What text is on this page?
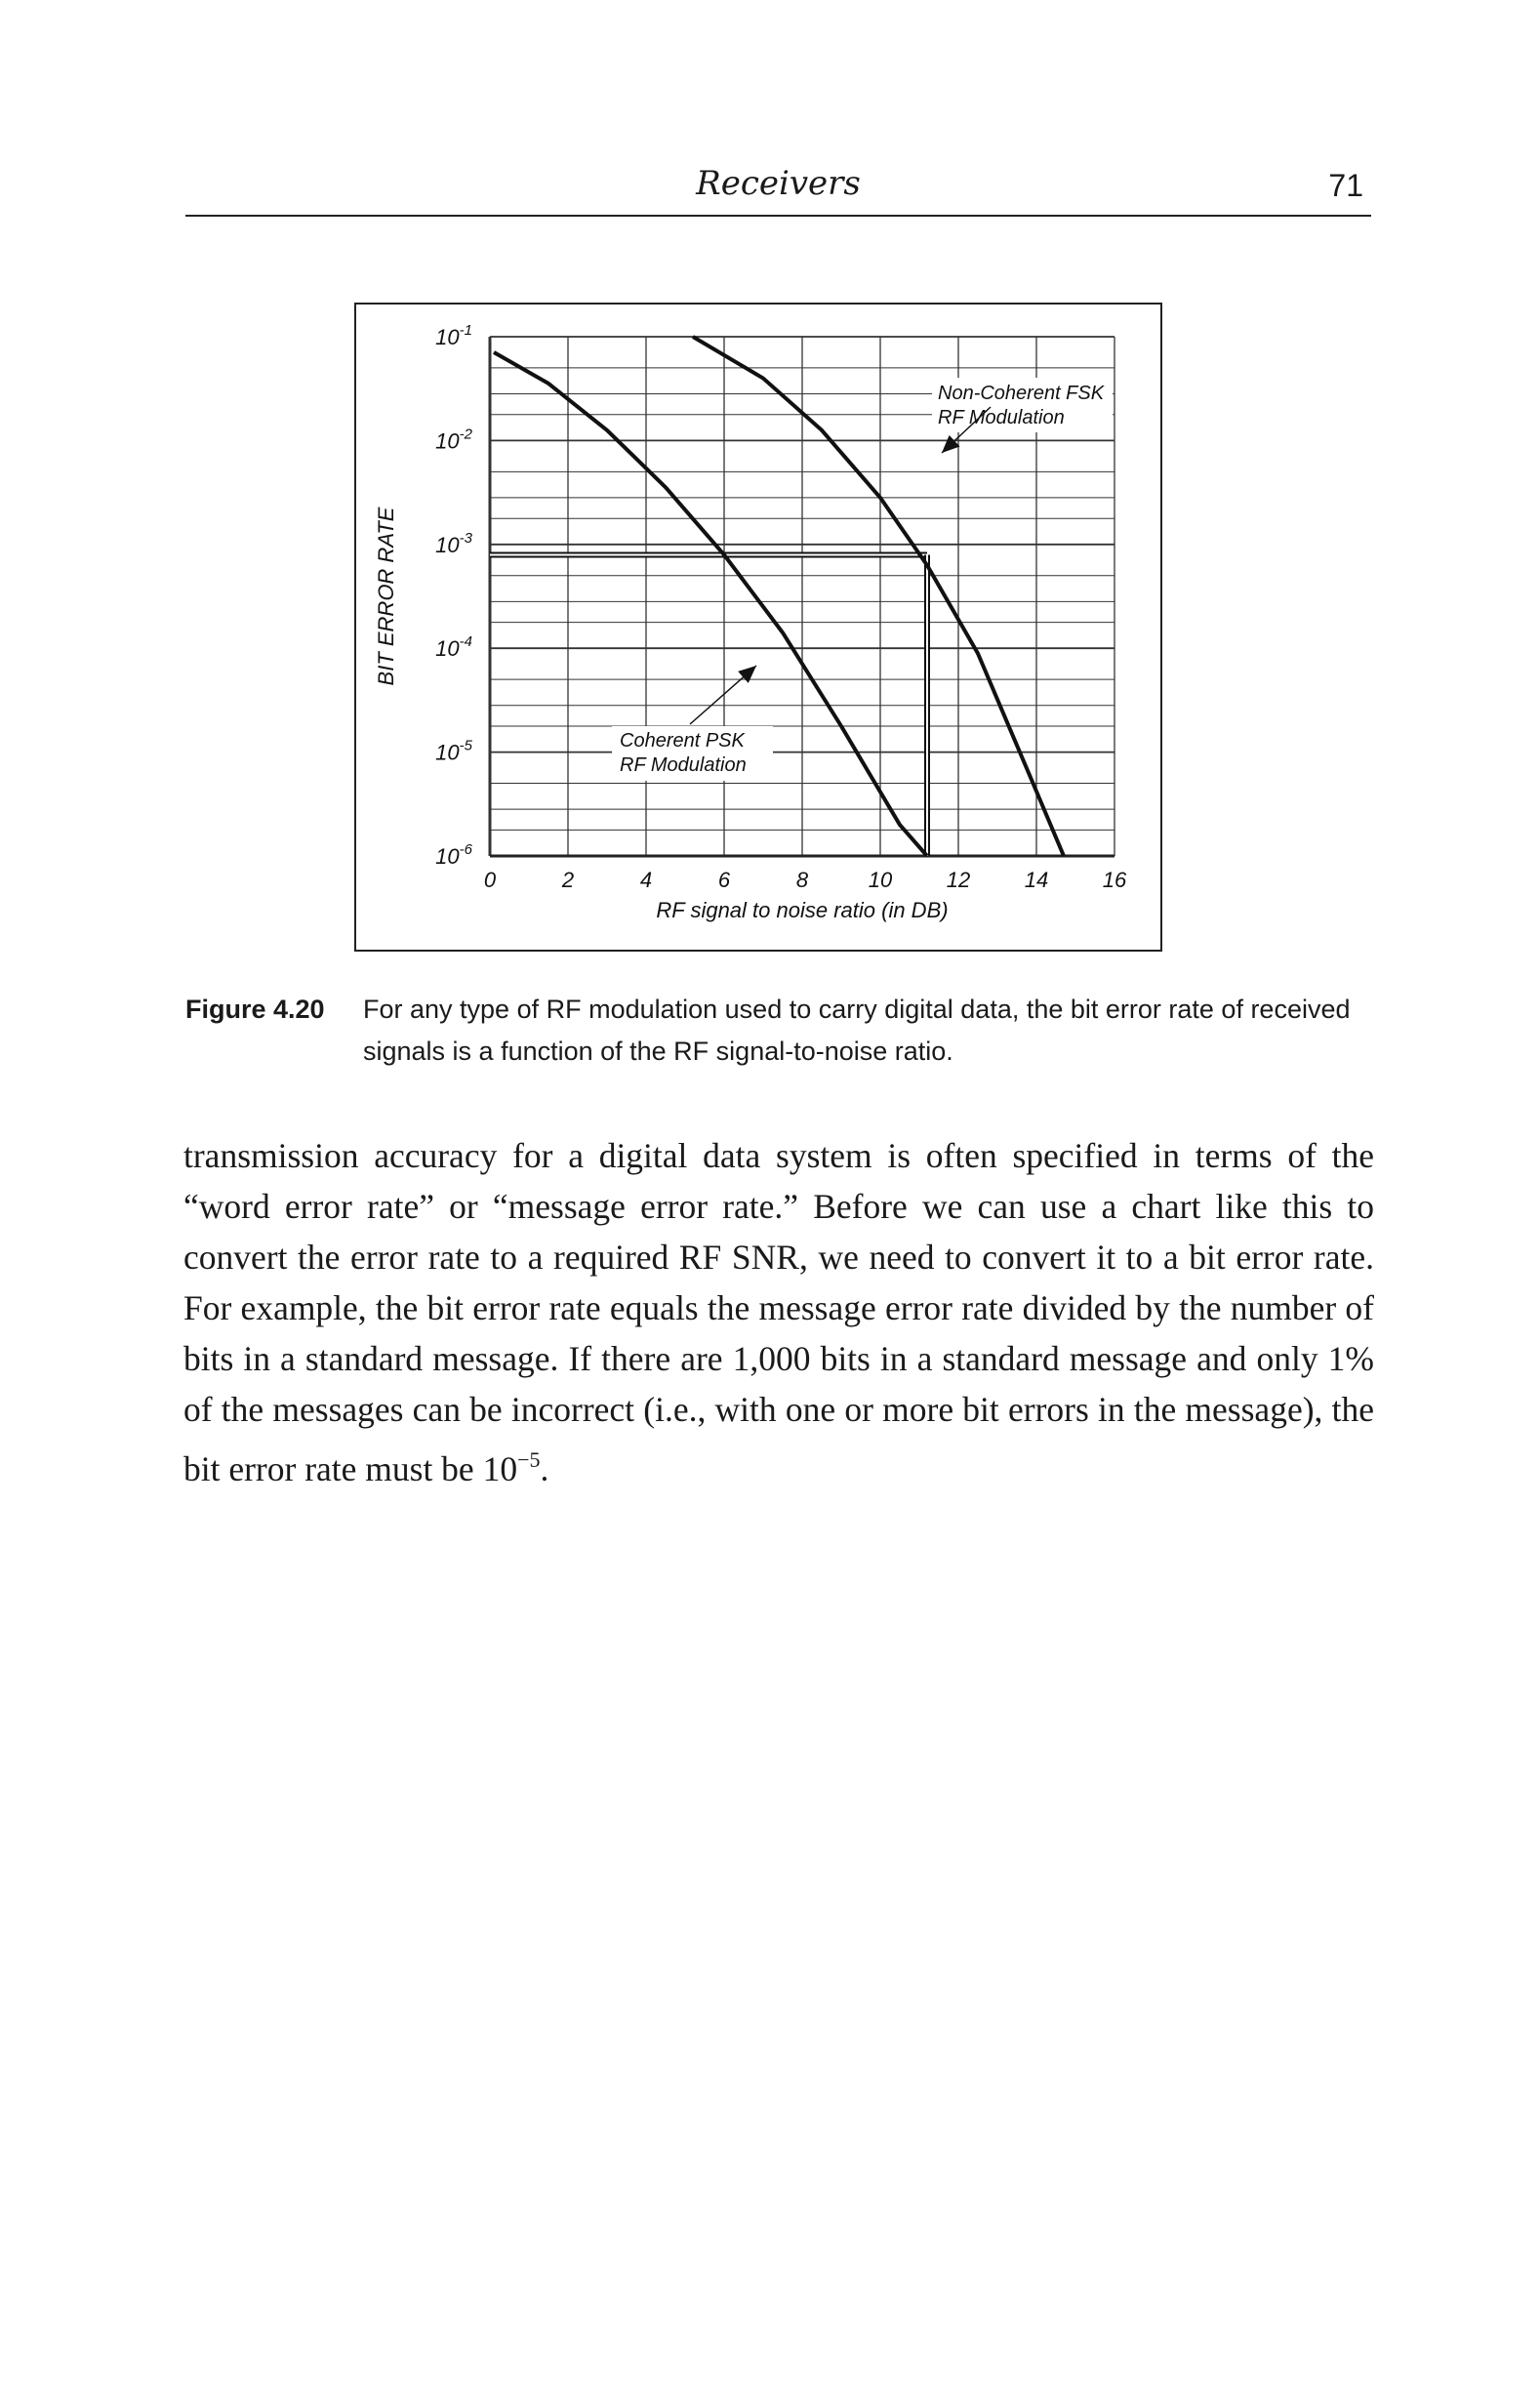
Receivers	71
Non-Coherent FSK
RF Modulation
Coherent PSK
RF Modulation
0	2	4	6	8	10	12	14	16
$10^{-1}$
$10^{-2}$
$10^{-3}$
$10^{-4}$
$10^{-5}$
$10^{-6}$
RF signal to noise ratio (in DB)
BIT ERROR RATE
Figure 4.20 For any type of RF modulation used to carry digital data, the bit error rate of received signals is a function of the RF signal-to-noise ratio.

transmission accuracy for a digital data system is often specified in terms of the “word error rate” or “message error rate.” Before we can use a chart like this to convert the error rate to a required RF SNR, we need to convert it to a bit error rate. For example, the bit error rate equals the message error rate divided by the number of bits in a standard message. If there are 1,000 bits in a standard message and only 1% of the messages can be incorrect (i.e., with one or more bit errors in the message), the bit error rate must be $10^{-5}$.
